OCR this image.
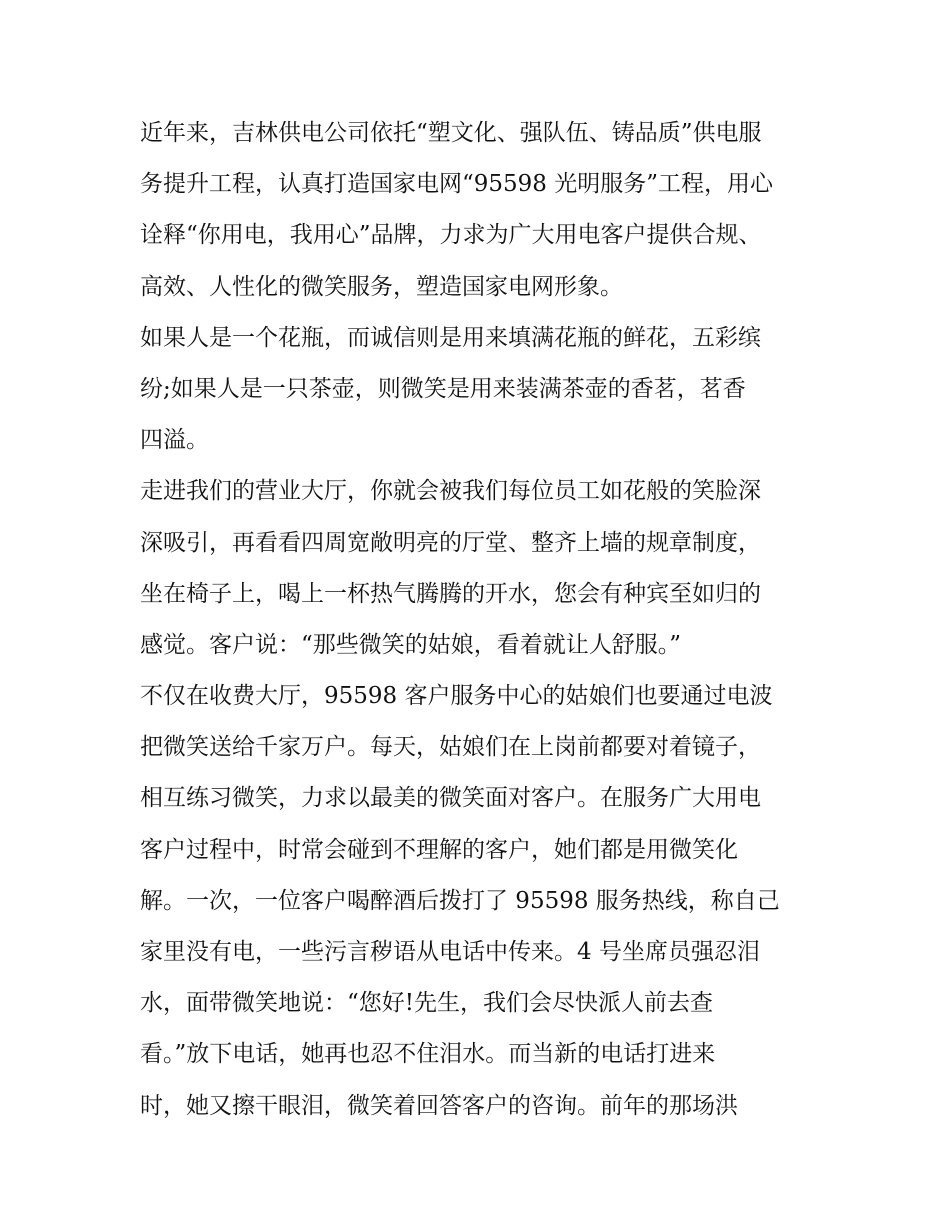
近年来，吉林供电公司依托“塑文化、强队伍、铸品质”供电服
务提升工程，认真打造国家电网“95598 光明服务”工程，用心
诠释“你用电，我用心”品牌，力求为广大用电客户提供合规、
高效、人性化的微笑服务，塑造国家电网形象。
如果人是一个花瓶，而诚信则是用来填满花瓶的鲜花，五彩缤
纷;如果人是一只茶壶，则微笑是用来装满茶壶的香茗，茗香
四溢。
走进我们的营业大厅，你就会被我们每位员工如花般的笑脸深
深吸引，再看看四周宽敞明亮的厅堂、整齐上墙的规章制度，
坐在椅子上，喝上一杯热气腾腾的开水，您会有种宾至如归的
感觉。客户说：“那些微笑的姑娘，看着就让人舒服。”
不仅在收费大厅，95598 客户服务中心的姑娘们也要通过电波
把微笑送给千家万户。每天，姑娘们在上岗前都要对着镜子，
相互练习微笑，力求以最美的微笑面对客户。在服务广大用电
客户过程中，时常会碰到不理解的客户，她们都是用微笑化
解。一次，一位客户喝醉酒后拨打了 95598 服务热线，称自己
家里没有电，一些污言秽语从电话中传来。4 号坐席员强忍泪
水，面带微笑地说：“您好!先生，我们会尽快派人前去查
看。”放下电话，她再也忍不住泪水。而当新的电话打进来
时，她又擦干眼泪，微笑着回答客户的咨询。前年的那场洪
